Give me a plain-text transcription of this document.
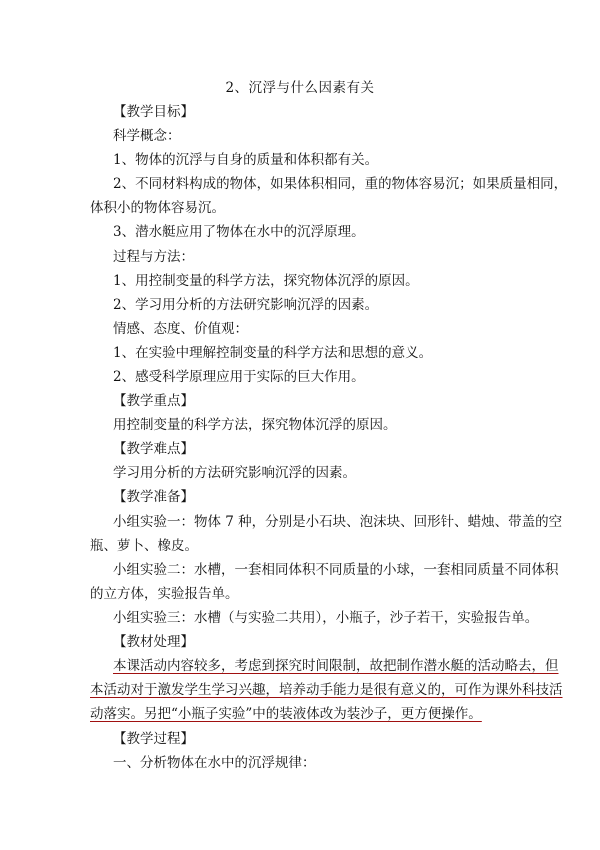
2、沉浮与什么因素有关
【教学目标】
科学概念：
1、物体的沉浮与自身的质量和体积都有关。
2、不同材料构成的物体，如果体积相同，重的物体容易沉；如果质量相同，
体积小的物体容易沉。
3、潜水艇应用了物体在水中的沉浮原理。
过程与方法：
1、用控制变量的科学方法，探究物体沉浮的原因。
2、学习用分析的方法研究影响沉浮的因素。
情感、态度、价值观：
1、在实验中理解控制变量的科学方法和思想的意义。
2、感受科学原理应用于实际的巨大作用。
【教学重点】
用控制变量的科学方法，探究物体沉浮的原因。
【教学难点】
学习用分析的方法研究影响沉浮的因素。
【教学准备】
小组实验一：物体 7 种，分别是小石块、泡沫块、回形针、蜡烛、带盖的空
瓶、萝卜、橡皮。
小组实验二：水槽，一套相同体积不同质量的小球，一套相同质量不同体积
的立方体，实验报告单。
小组实验三：水槽（与实验二共用），小瓶子，沙子若干，实验报告单。
【教材处理】
本课活动内容较多，考虑到探究时间限制，故把制作潜水艇的活动略去，但
本活动对于激发学生学习兴趣，培养动手能力是很有意义的，可作为课外科技活
动落实。另把“小瓶子实验”中的装液体改为装沙子，更方便操作。
【教学过程】
一、分析物体在水中的沉浮规律：
